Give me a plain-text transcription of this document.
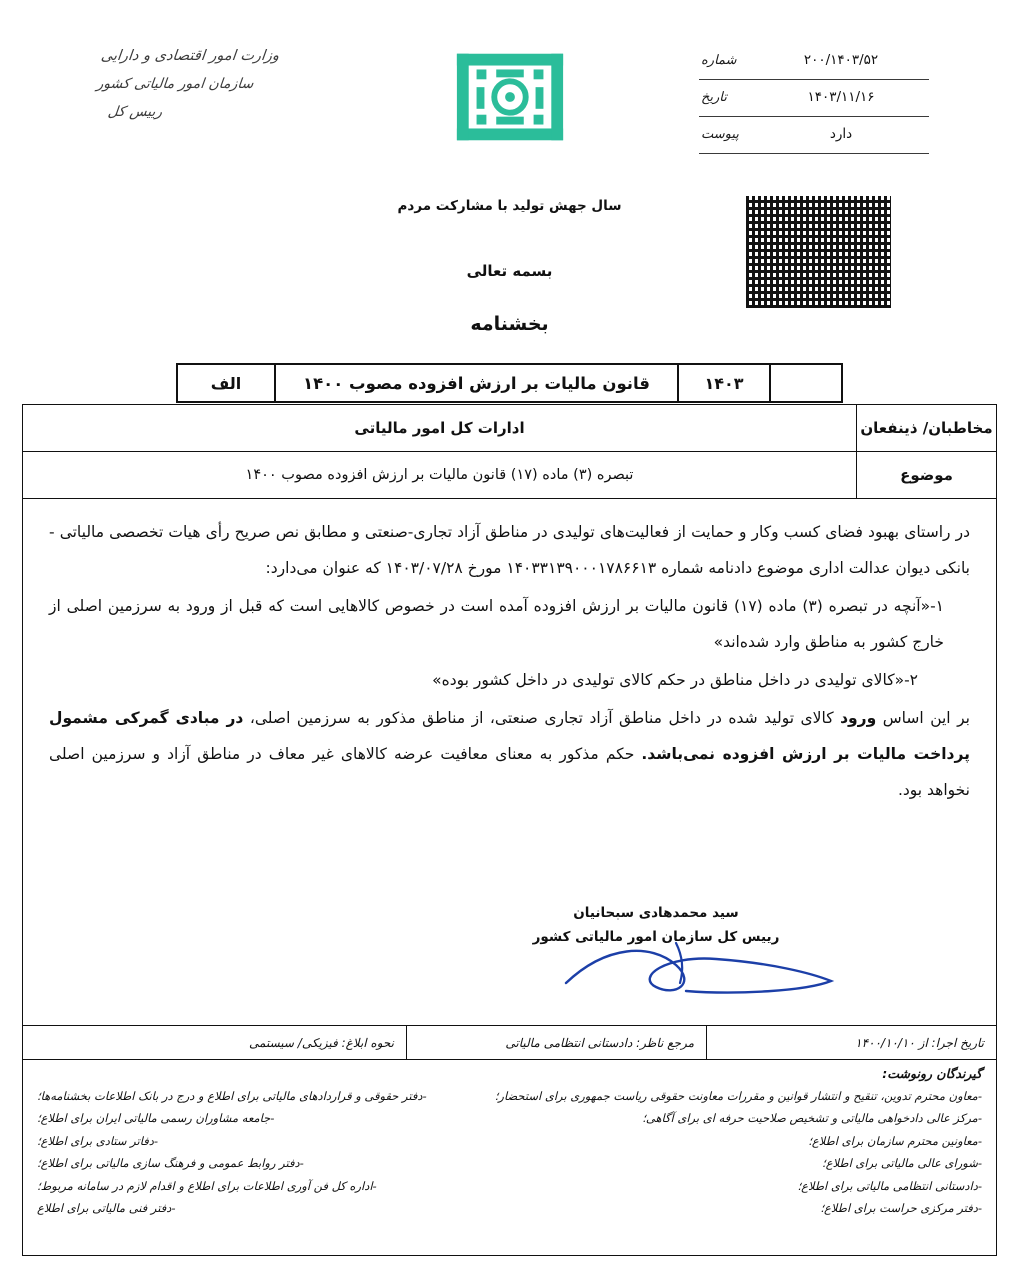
شماره	۲۰۰/۱۴۰۳/۵۲
تاریخ	۱۴۰۳/۱۱/۱۶
پیوست	دارد
وزارت امور اقتصادی و دارایی
سازمان امور مالیاتی کشور
رییس کل
سال جهش تولید با مشارکت مردم
بسمه تعالی
بخشنامه
۱۴۰۳
قانون مالیات بر ارزش افزوده مصوب ۱۴۰۰
الف
مخاطبان/ ذینفعان
ادارات کل امور مالیاتی
موضوع
تبصره (۳) ماده (۱۷) قانون مالیات بر ارزش افزوده مصوب ۱۴۰۰

در راستای بهبود فضای کسب وکار و حمایت از فعالیت‌های تولیدی در مناطق آزاد تجاری-صنعتی و مطابق نص صریح رأی هیات تخصصی مالیاتی - بانکی دیوان عدالت اداری موضوع دادنامه شماره ۱۴۰۳۳۱۳۹۰۰۰۱۷۸۶۶۱۳ مورخ ۱۴۰۳/۰۷/۲۸ که عنوان می‌دارد:

۱-«آنچه در تبصره (۳) ماده (۱۷) قانون مالیات بر ارزش افزوده آمده است در خصوص کالاهایی است که قبل از ورود به سرزمین اصلی از خارج کشور به مناطق وارد شده‌اند»

۲-«کالای تولیدی در داخل مناطق در حکم کالای تولیدی در داخل کشور بوده»

بر این اساس ورود کالای تولید شده در داخل مناطق آزاد تجاری صنعتی، از مناطق مذکور به سرزمین اصلی، در مبادی گمرکی مشمول پرداخت مالیات بر ارزش افزوده نمی‌باشد. حکم مذکور به معنای معافیت عرضه کالاهای غیر معاف در مناطق آزاد و سرزمین اصلی نخواهد بود.

سید محمدهادی سبحانیان
رییس کل سازمان امور مالیاتی کشور
تاریخ اجرا: از ۱۴۰۰/۱۰/۱۰
مرجع ناظر: دادستانی انتظامی مالیاتی
نحوه ابلاغ: فیزیکی/ سیستمی
گیرندگان رونوشت:
-معاون محترم تدوین، تنقیح و انتشار قوانین و مقررات معاونت حقوقی ریاست جمهوری برای استحضار؛
-مرکز عالی دادخواهی مالیاتی و تشخیص صلاحیت حرفه ای برای آگاهی؛
-معاونین محترم سازمان برای اطلاع؛
-شورای عالی مالیاتی برای اطلاع؛
-دادستانی انتظامی مالیاتی برای اطلاع؛
-دفتر مرکزی حراست برای اطلاع؛
-دفتر حقوقی و قراردادهای مالیاتی برای اطلاع و درج در بانک اطلاعات بخشنامه‌ها؛
-جامعه مشاوران رسمی مالیاتی ایران برای اطلاع؛
-دفاتر ستادی برای اطلاع؛
-دفتر روابط عمومی و فرهنگ سازی مالیاتی برای اطلاع؛
-اداره کل فن آوری اطلاعات برای اطلاع و اقدام لازم در سامانه مربوط؛
-دفتر فنی مالیاتی برای اطلاع
